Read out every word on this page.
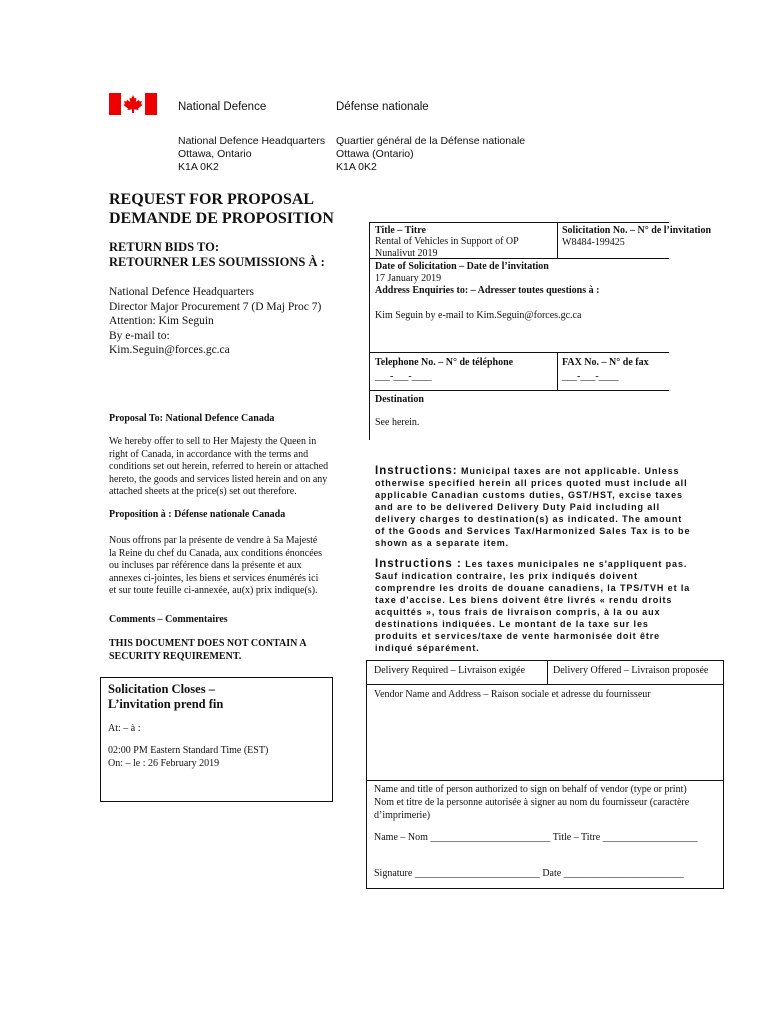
National Defence	Défense nationale
National Defence Headquarters
Ottawa, Ontario
K1A 0K2
Quartier général de la Défense nationale
Ottawa (Ontario)
K1A 0K2
REQUEST FOR PROPOSAL
DEMANDE DE PROPOSITION
RETURN BIDS TO:
RETOURNER LES SOUMISSIONS À :
National Defence Headquarters
Director Major Procurement 7 (D Maj Proc 7)
Attention: Kim Seguin
By e-mail to:
Kim.Seguin@forces.gc.ca
Proposal To: National Defence Canada
We hereby offer to sell to Her Majesty the Queen in
right of Canada, in accordance with the terms and
conditions set out herein, referred to herein or attached
hereto, the goods and services listed herein and on any
attached sheets at the price(s) set out therefore.
Proposition à : Défense nationale Canada
Nous offrons par la présente de vendre à Sa Majesté
la Reine du chef du Canada, aux conditions énoncées
ou incluses par référence dans la présente et aux
annexes ci-jointes, les biens et services énumérés ici
et sur toute feuille ci-annexée, au(x) prix indique(s).
Comments – Commentaires
THIS DOCUMENT DOES NOT CONTAIN A
SECURITY REQUIREMENT.
Solicitation Closes –
L’invitation prend fin
At: – à :
02:00 PM Eastern Standard Time (EST)
On: – le : 26 February 2019
Title – Titre
Rental of Vehicles in Support of OP
Nunalivut 2019
Solicitation No. – N° de l’invitation
W8484-199425
Date of Solicitation – Date de l’invitation
17 January 2019
Address Enquiries to: – Adresser toutes questions à :
Kim Seguin by e-mail to Kim.Seguin@forces.gc.ca
Telephone No. – N° de téléphone
___-___-____
FAX No. – N° de fax
___-___-____
Destination
See herein.
Instructions: Municipal taxes are not applicable. Unless otherwise specified herein all prices quoted must include all applicable Canadian customs duties, GST/HST, excise taxes and are to be delivered Delivery Duty Paid including all delivery charges to destination(s) as indicated. The amount of the Goods and Services Tax/Harmonized Sales Tax is to be shown as a separate item.
Instructions : Les taxes municipales ne s'appliquent pas. Sauf indication contraire, les prix indiqués doivent comprendre les droits de douane canadiens, la TPS/TVH et la taxe d'accise. Les biens doivent être livrés « rendu droits acquittés », tous frais de livraison compris, à la ou aux destinations indiquées. Le montant de la taxe sur les produits et services/taxe de vente harmonisée doit être indiqué séparément.
Delivery Required – Livraison exigée	Delivery Offered – Livraison proposée
Vendor Name and Address – Raison sociale et adresse du fournisseur
Name and title of person authorized to sign on behalf of vendor (type or print)
Nom et titre de la personne autorisée à signer au nom du fournisseur (caractère
d’imprimerie)
Name – Nom ________________________ Title – Titre ___________________
Signature _________________________ Date ________________________
